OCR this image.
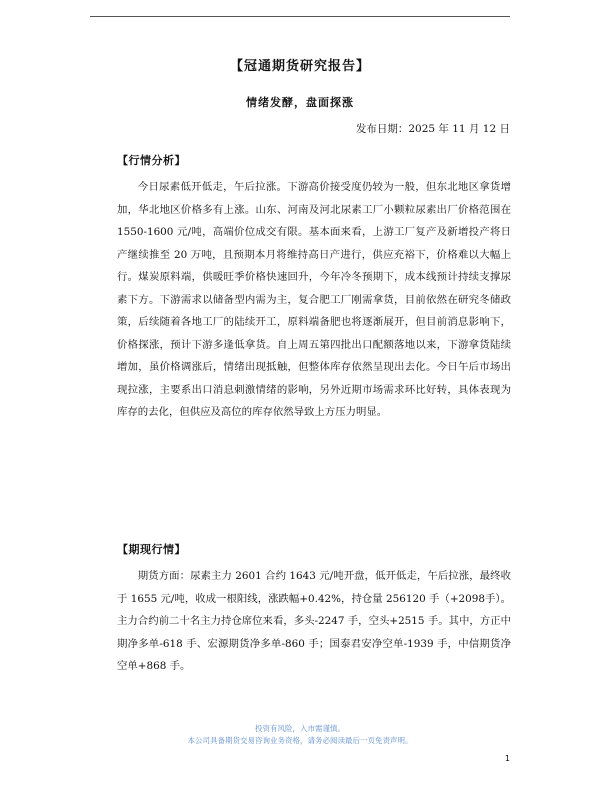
【冠通期货研究报告】
情绪发酵，盘面探涨
发布日期：2025 年 11 月 12 日
【行情分析】

今日尿素低开低走，午后拉涨。下游高价接受度仍较为一般，但东北地区拿货增加，华北地区价格多有上涨。山东、河南及河北尿素工厂小颗粒尿素出厂价格范围在 1550-1600 元/吨，高端价位成交有限。基本面来看，上游工厂复产及新增投产将日产继续推至 20 万吨，且预期本月将维持高日产进行，供应充裕下，价格难以大幅上行。煤炭原料端，供暖旺季价格快速回升，今年冷冬预期下，成本线预计持续支撑尿素下方。下游需求以储备型内需为主，复合肥工厂刚需拿货，目前依然在研究冬储政策，后续随着各地工厂的陆续开工，原料端备肥也将逐渐展开，但目前消息影响下，价格探涨，预计下游多逢低拿货。自上周五第四批出口配额落地以来，下游拿货陆续增加，虽价格调涨后，情绪出现抵触，但整体库存依然呈现出去化。今日午后市场出现拉涨，主要系出口消息刺激情绪的影响，另外近期市场需求环比好转，具体表现为库存的去化，但供应及高位的库存依然导致上方压力明显。

【期现行情】

期货方面：尿素主力 2601 合约 1643 元/吨开盘，低开低走，午后拉涨，最终收于 1655 元/吨，收成一根阳线，涨跌幅+0.42%，持仓量 256120 手（+2098手）。主力合约前二十名主力持仓席位来看，多头-2247 手，空头+2515 手。其中，方正中期净多单-618 手、宏源期货净多单-860 手；国泰君安净空单-1939 手，中信期货净空单+868 手。

投资有风险，入市需谨慎。
本公司具备期货交易咨询业务资格，请务必阅读最后一页免责声明。
1
